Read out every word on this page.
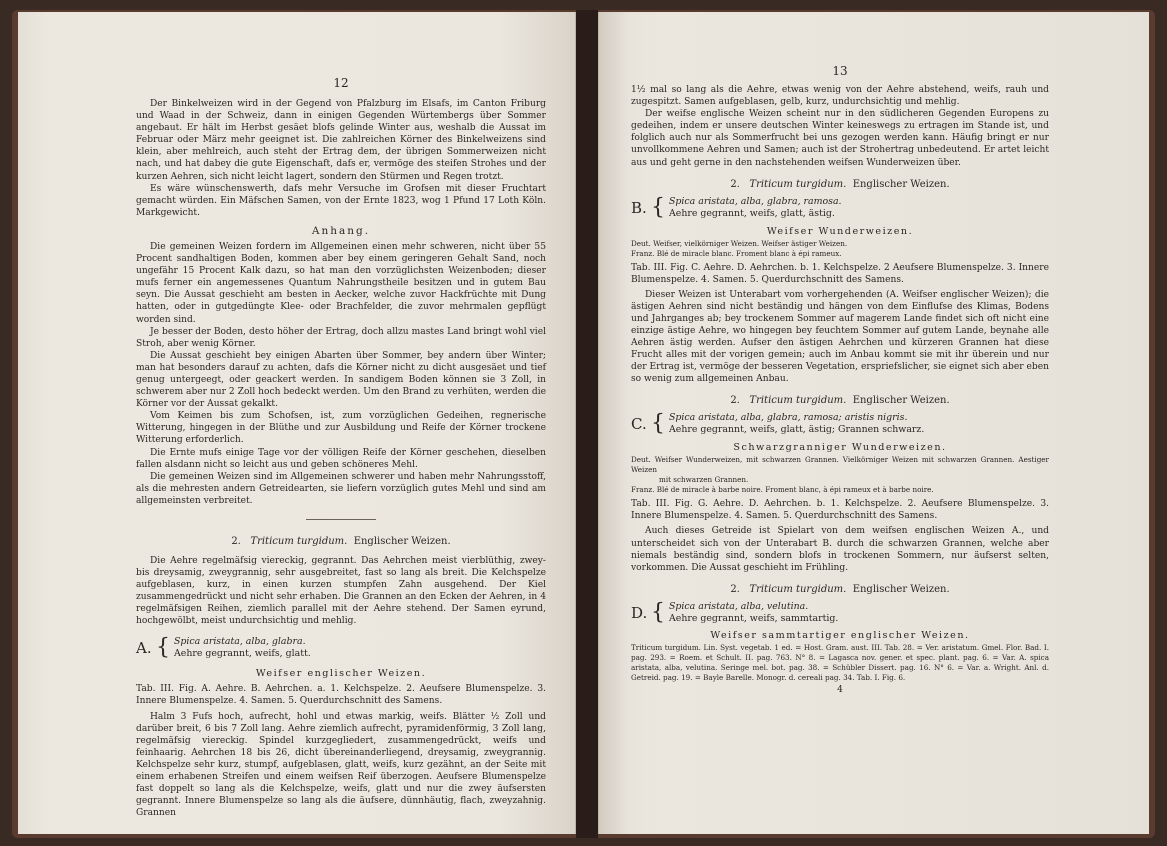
12

Der Binkelweizen wird in der Gegend von Pfalzburg im Elsafs, im Canton Friburg und Waad in der Schweiz, dann in einigen Gegenden Würtembergs über Sommer angebaut. Er hält im Herbst gesäet blofs gelinde Winter aus, weshalb die Aussat im Februar oder März mehr geeignet ist. Die zahlreichen Körner des Binkelweizens sind klein, aber mehlreich, auch steht der Ertrag dem, der übrigen Sommerweizen nicht nach, und hat dabey die gute Eigenschaft, dafs er, vermöge des steifen Strohes und der kurzen Aehren, sich nicht leicht lagert, sondern den Stürmen und Regen trotzt.

Es wäre wünschenswerth, dafs mehr Versuche im Grofsen mit dieser Fruchtart gemacht würden. Ein Mäfschen Samen, von der Ernte 1823, wog 1 Pfund 17 Loth Köln. Markgewicht.

Anhang.

Die gemeinen Weizen fordern im Allgemeinen einen mehr schweren, nicht über 55 Procent sandhaltigen Boden, kommen aber bey einem geringeren Gehalt Sand, noch ungefähr 15 Procent Kalk dazu, so hat man den vorzüglichsten Weizenboden; dieser mufs ferner ein angemessenes Quantum Nahrungstheile besitzen und in gutem Bau seyn. Die Aussat geschieht am besten in Aecker, welche zuvor Hackfrüchte mit Dung hatten, oder in gutgedüngte Klee- oder Brachfelder, die zuvor mehrmalen gepflügt worden sind.

Je besser der Boden, desto höher der Ertrag, doch allzu mastes Land bringt wohl viel Stroh, aber wenig Körner.

Die Aussat geschieht bey einigen Abarten über Sommer, bey andern über Winter; man hat besonders darauf zu achten, dafs die Körner nicht zu dicht ausgesäet und tief genug untergeegt, oder geackert werden. In sandigem Boden können sie 3 Zoll, in schwerem aber nur 2 Zoll hoch bedeckt werden. Um den Brand zu verhüten, werden die Körner vor der Aussat gekalkt.

Vom Keimen bis zum Schofsen, ist, zum vorzüglichen Gedeihen, regnerische Witterung, hingegen in der Blüthe und zur Ausbildung und Reife der Körner trockene Witterung erforderlich.

Die Ernte mufs einige Tage vor der völligen Reife der Körner geschehen, dieselben fallen alsdann nicht so leicht aus und geben schöneres Mehl.

Die gemeinen Weizen sind im Allgemeinen schwerer und haben mehr Nahrungsstoff, als die mehresten andern Getreidearten, sie liefern vorzüglich gutes Mehl und sind am allgemeinsten verbreitet.

2. Triticum turgidum. Englischer Weizen.

Die Aehre regelmäfsig viereckig, gegrannt. Das Aehrchen meist vierblüthig, zwey- bis dreysamig, zweygrannig, sehr ausgebreitet, fast so lang als breit. Die Kelchspelze aufgeblasen, kurz, in einen kurzen stumpfen Zahn ausgehend. Der Kiel zusammengedrückt und nicht sehr erhaben. Die Grannen an den Ecken der Aehren, in 4 regelmäfsigen Reihen, ziemlich parallel mit der Aehre stehend. Der Samen eyrund, hochgewölbt, meist undurchsichtig und mehlig.

A. { Spica aristata, alba, glabra.
Aehre gegrannt, weifs, glatt.

Weifser englischer Weizen.

Tab. III. Fig. A. Aehre. B. Aehrchen. a. 1. Kelchspelze. 2. Aeufsere Blumenspelze. 3. Innere Blumenspelze. 4. Samen. 5. Querdurchschnitt des Samens.

Halm 3 Fufs hoch, aufrecht, hohl und etwas markig, weifs. Blätter ½ Zoll und darüber breit, 6 bis 7 Zoll lang. Aehre ziemlich aufrecht, pyramidenförmig, 3 Zoll lang, regelmäfsig viereckig. Spindel kurzgegliedert, zusammengedrückt, weifs und feinhaarig. Aehrchen 18 bis 26, dicht übereinanderliegend, dreysamig, zweygrannig. Kelchspelze sehr kurz, stumpf, aufgeblasen, glatt, weifs, kurz gezähnt, an der Seite mit einem erhabenen Streifen und einem weifsen Reif überzogen. Aeufsere Blumenspelze fast doppelt so lang als die Kelchspelze, weifs, glatt und nur die zwey äufsersten gegrannt. Innere Blumenspelze so lang als die äufsere, dünnhäutig, flach, zweyzahnig. Grannen

13

1½ mal so lang als die Aehre, etwas wenig von der Aehre abstehend, weifs, rauh und zugespitzt. Samen aufgeblasen, gelb, kurz, undurchsichtig und mehlig.

Der weifse englische Weizen scheint nur in den südlicheren Gegenden Europens zu gedeihen, indem er unsere deutschen Winter keineswegs zu ertragen im Stande ist, und folglich auch nur als Sommerfrucht bei uns gezogen werden kann. Häufig bringt er nur unvollkommene Aehren und Samen; auch ist der Strohertrag unbedeutend. Er artet leicht aus und geht gerne in den nachstehenden weifsen Wunderweizen über.

2. Triticum turgidum. Englischer Weizen.

B. { Spica aristata, alba, glabra, ramosa.
Aehre gegrannt, weifs, glatt, ästig.

Weifser Wunderweizen.

Deut. Weifser, vielkörniger Weizen. Weifser ästiger Weizen.

Franz. Blé de miracle blanc. Froment blanc à épi rameux.

Tab. III. Fig. C. Aehre. D. Aehrchen. b. 1. Kelchspelze. 2 Aeufsere Blumenspelze. 3. Innere Blumenspelze. 4. Samen. 5. Querdurchschnitt des Samens.

Dieser Weizen ist Unterabart vom vorhergehenden (A. Weifser englischer Weizen); die ästigen Aehren sind nicht beständig und hängen von dem Einflufse des Klimas, Bodens und Jahrganges ab; bey trockenem Sommer auf magerem Lande findet sich oft nicht eine einzige ästige Aehre, wo hingegen bey feuchtem Sommer auf gutem Lande, beynahe alle Aehren ästig werden. Aufser den ästigen Aehrchen und kürzeren Grannen hat diese Frucht alles mit der vorigen gemein; auch im Anbau kommt sie mit ihr überein und nur der Ertrag ist, vermöge der besseren Vegetation, erspriefslicher, sie eignet sich aber eben so wenig zum allgemeinen Anbau.

2. Triticum turgidum. Englischer Weizen.

C. { Spica aristata, alba, glabra, ramosa; aristis nigris.
Aehre gegrannt, weifs, glatt, ästig; Grannen schwarz.

Schwarzgranniger Wunderweizen.

Deut. Weifser Wunderweizen, mit schwarzen Grannen. Vielkörniger Weizen mit schwarzen Grannen. Aestiger Weizen

mit schwarzen Grannen.

Franz. Blé de miracle à barbe noire. Froment blanc, à épi rameux et à barbe noire.

Tab. III. Fig. G. Aehre. D. Aehrchen. b. 1. Kelchspelze. 2. Aeufsere Blumenspelze. 3. Innere Blumenspelze. 4. Samen. 5. Querdurchschnitt des Samens.

Auch dieses Getreide ist Spielart von dem weifsen englischen Weizen A., und unterscheidet sich von der Unterabart B. durch die schwarzen Grannen, welche aber niemals beständig sind, sondern blofs in trockenen Sommern, nur äufserst selten, vorkommen. Die Aussat geschieht im Frühling.

2. Triticum turgidum. Englischer Weizen.

D. { Spica aristata, alba, velutina.
Aehre gegrannt, weifs, sammtartig.

Weifser sammtartiger englischer Weizen.

Triticum turgidum. Lin. Syst. vegetab. 1 ed. = Host. Gram. aust. III. Tab. 28. = Ver. aristatum. Gmel. Flor. Bad. I. pag. 293. = Roem. et Schult. II. pag. 763. N° 8. = Lagasca nov. gener. et spec. plant. pag. 6. = Var. A. spica aristata, alba, velutina. Seringe mel. bot. pag. 38. = Schübler Dissert. pag. 16. N° 6. = Var. a. Wright. Anl. d. Getreid. pag. 19. = Bayle Barelle. Monogr. d. cereali pag. 34. Tab. I. Fig. 6.

4
